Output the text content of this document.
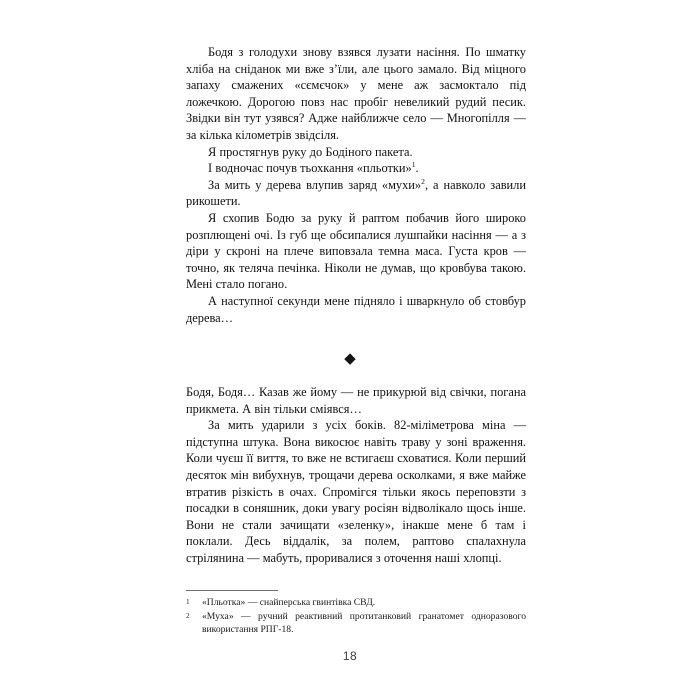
Бодя з голодухи знову взявся лузати насіння. По шматку хліба на сніданок ми вже з’їли, але цього замало. Від міцного запаху смажених «сємєчок» у мене аж засмоктало під ложечкою. Дорогою повз нас пробіг невеликий рудий песик. Звідки він тут узявся? Адже найближче село — Многопілля — за кілька кілометрів звідсіля.

Я простягнув руку до Бодіного пакета.

І водночас почув тьохкання «пльотки»$^1$.

За мить у дерева влупив заряд «мухи»$^2$, а навколо завили рикошети.

Я схопив Бодю за руку й раптом побачив його широко розплющені очі. Із губ ще обсипалися лушпайки насіння — а з діри у скроні на плече виповзала темна маса. Густа кров — точно, як теляча печінка. Ніколи не думав, що кровбува такою. Мені стало погано.

А наступної секунди мене підняло і шваркнуло об стовбур дерева…

◆

Бодя, Бодя… Казав же йому — не прикурюй від свічки, погана прикмета. А він тільки сміявся…

За мить ударили з усіх боків. 82-міліметрова міна — підступна штука. Вона викосює навіть траву у зоні враження. Коли чуєш її виття, то вже не встигаєш сховатися. Коли перший десяток мін вибухнув, трощачи дерева осколками, я вже майже втратив різкість в очах. Спромігся тільки якось переповзти з посадки в соняшник, доки увагу росіян відволікало щось інше. Вони не стали зачищати «зеленку», інакше мене б там і поклали. Десь віддалік, за полем, раптово спалахнула стрілянина — мабуть, проривалися з оточення наші хлопці.

1 «Пльотка» — снайперська гвинтівка СВД.

2 «Муха» — ручний реактивний протитанковий гранатомет одноразового використання РПГ-18.

18
